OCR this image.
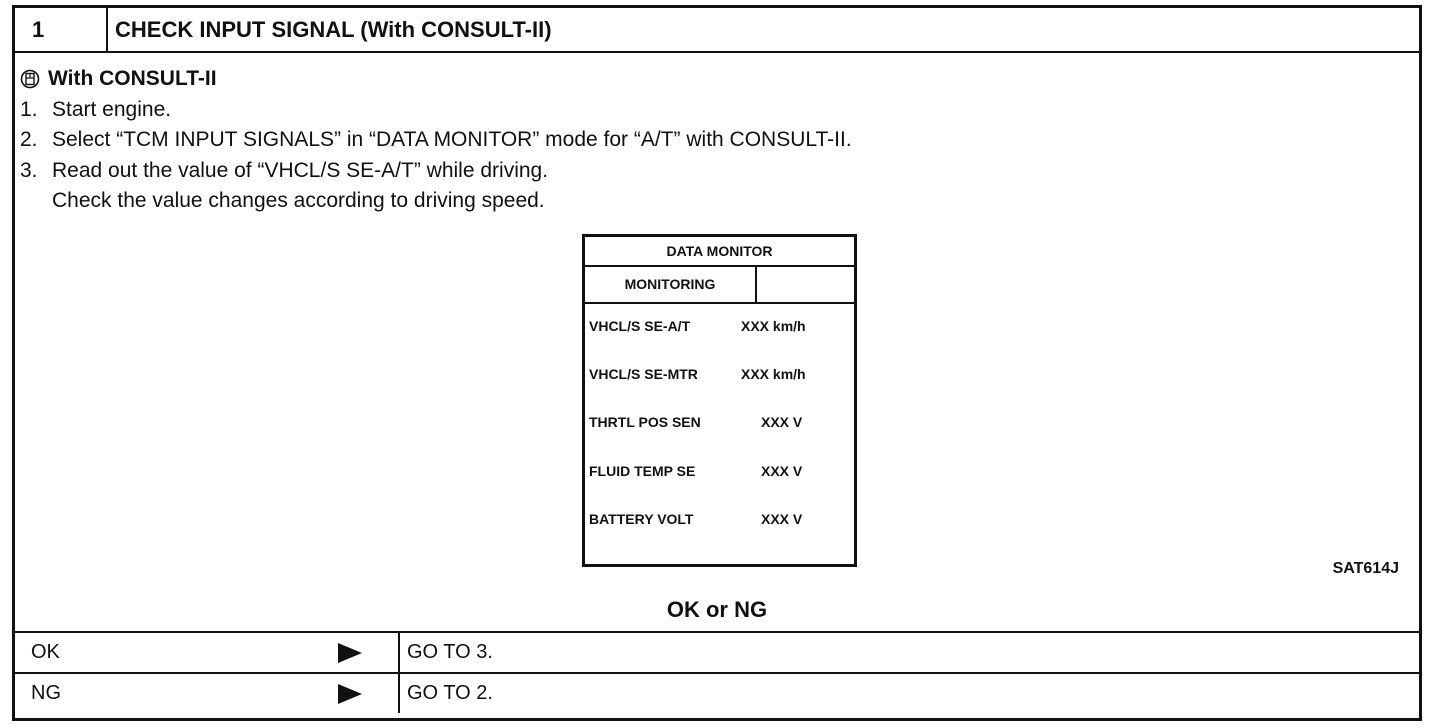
1	CHECK INPUT SIGNAL (With CONSULT-II)
With CONSULT-II
1. Start engine.
2. Select “TCM INPUT SIGNALS” in “DATA MONITOR” mode for “A/T” with CONSULT-II.
3. Read out the value of “VHCL/S SE-A/T” while driving.
Check the value changes according to driving speed.
DATA MONITOR
MONITORING
VHCL/S SE-A/T	XXX km/h
VHCL/S SE-MTR	XXX km/h
THRTL POS SEN	XXX V
FLUID TEMP SE	XXX V
BATTERY VOLT	XXX V
SAT614J
OK or NG
OK	GO TO 3.
NG	GO TO 2.
